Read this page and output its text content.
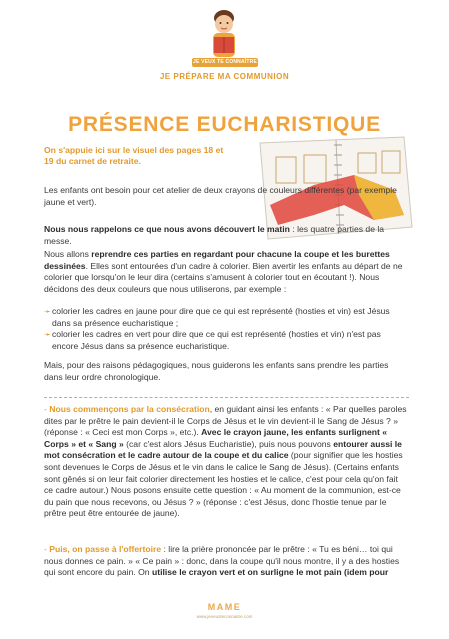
JE VEUX TE CONNAÎTRE
JE PRÉPARE MA COMMUNION
PRÉSENCE EUCHARISTIQUE
On s'appuie ici sur le visuel des pages 18 et 19 du carnet de retraite.
Les enfants ont besoin pour cet atelier de deux crayons de couleurs différentes (par exemple jaune et vert).
Nous nous rappelons ce que nous avons découvert le matin : les quatre parties de la messe.
Nous allons reprendre ces parties en regardant pour chacune la coupe et les burettes dessinées. Elles sont entourées d'un cadre à colorier. Bien avertir les enfants au départ de ne colorier que lorsqu'on le leur dira (certains s'amusent à colorier tout en écoutant !). Nous décidons des deux couleurs que nous utiliserons, par exemple :
➛ colorier les cadres en jaune pour dire que ce qui est représenté (hosties et vin) est Jésus dans sa présence eucharistique ;
➛ colorier les cadres en vert pour dire que ce qui est représenté (hosties et vin) n'est pas encore Jésus dans sa présence eucharistique.
Mais, pour des raisons pédagogiques, nous guiderons les enfants sans prendre les parties dans leur ordre chronologique.
- Nous commençons par la consécration, en guidant ainsi les enfants : « Par quelles paroles dites par le prêtre le pain devient-il le Corps de Jésus et le vin devient-il le Sang de Jésus ? » (réponse : « Ceci est mon Corps », etc.). Avec le crayon jaune, les enfants surlignent « Corps » et « Sang » (car c'est alors Jésus Eucharistie), puis nous pouvons entourer aussi le mot consécration et le cadre autour de la coupe et du calice (pour signifier que les hosties sont devenues le Corps de Jésus et le vin dans le calice le Sang de Jésus). (Certains enfants sont gênés si on leur fait colorier directement les hosties et le calice, c'est pour cela qu'on fait ce cadre autour.) Nous posons ensuite cette question : « Au moment de la communion, est-ce du pain que nous recevons, ou Jésus ? » (réponse : c'est Jésus, donc l'hostie tenue par le prêtre peut être entourée de jaune).
- Puis, on passe à l'offertoire : lire la prière prononcée par le prêtre : « Tu es béni… toi qui nous donnes ce pain. » « Ce pain » : donc, dans la coupe qu'il nous montre, il y a des hosties qui sont encore du pain. On utilise le crayon vert et on surligne le mot pain (idem pour
MAME
www.jeveuxteconnaitre.com
